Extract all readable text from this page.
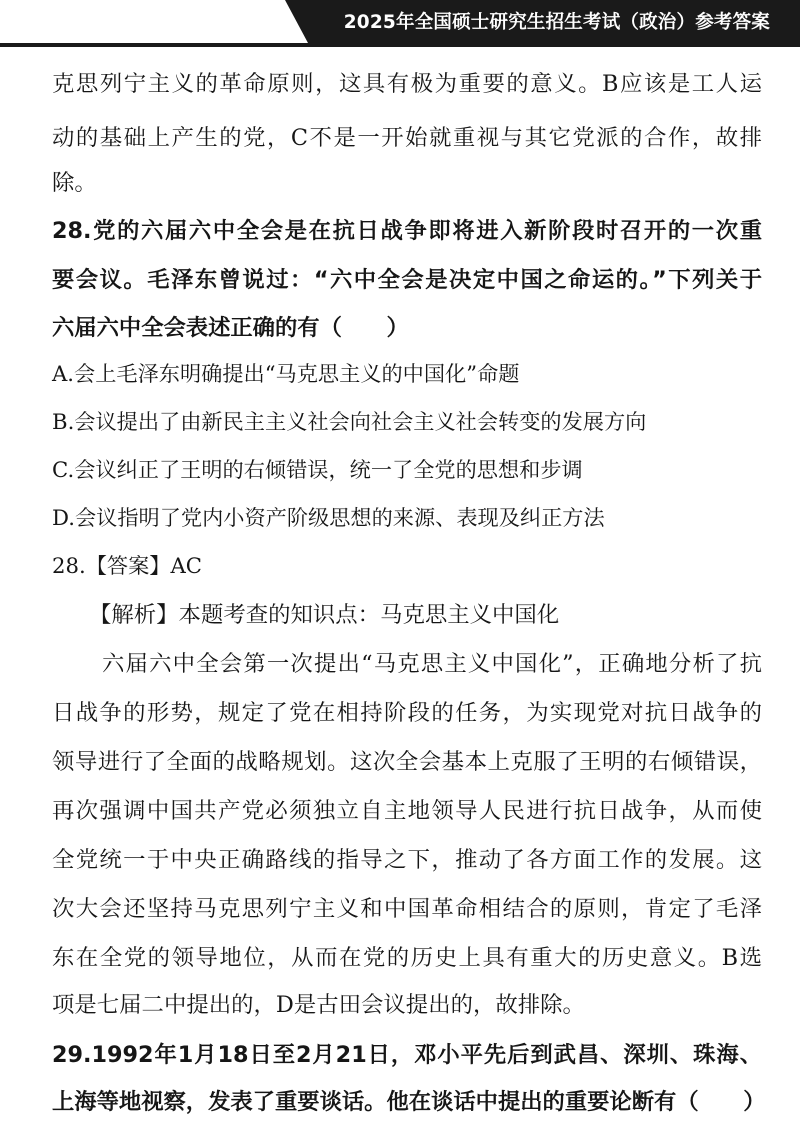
2025年全国硕士研究生招生考试（政治）参考答案
克思列宁主义的革命原则，这具有极为重要的意义。B应该是工人运
动的基础上产生的党，C不是一开始就重视与其它党派的合作，故排
除。
28.党的六届六中全会是在抗日战争即将进入新阶段时召开的一次重
要会议。毛泽东曾说过：“六中全会是决定中国之命运的。”下列关于
六届六中全会表述正确的有（　　）
A.会上毛泽东明确提出“马克思主义的中国化”命题
B.会议提出了由新民主主义社会向社会主义社会转变的发展方向
C.会议纠正了王明的右倾错误，统一了全党的思想和步调
D.会议指明了党内小资产阶级思想的来源、表现及纠正方法
28.【答案】AC
【解析】本题考查的知识点：马克思主义中国化
六届六中全会第一次提出“马克思主义中国化”，正确地分析了抗
日战争的形势，规定了党在相持阶段的任务，为实现党对抗日战争的
领导进行了全面的战略规划。这次全会基本上克服了王明的右倾错误，
再次强调中国共产党必须独立自主地领导人民进行抗日战争，从而使
全党统一于中央正确路线的指导之下，推动了各方面工作的发展。这
次大会还坚持马克思列宁主义和中国革命相结合的原则，肯定了毛泽
东在全党的领导地位，从而在党的历史上具有重大的历史意义。B选
项是七届二中提出的，D是古田会议提出的，故排除。
29.1992年1月18日至2月21日，邓小平先后到武昌、深圳、珠海、
上海等地视察，发表了重要谈话。他在谈话中提出的重要论断有（　　）
